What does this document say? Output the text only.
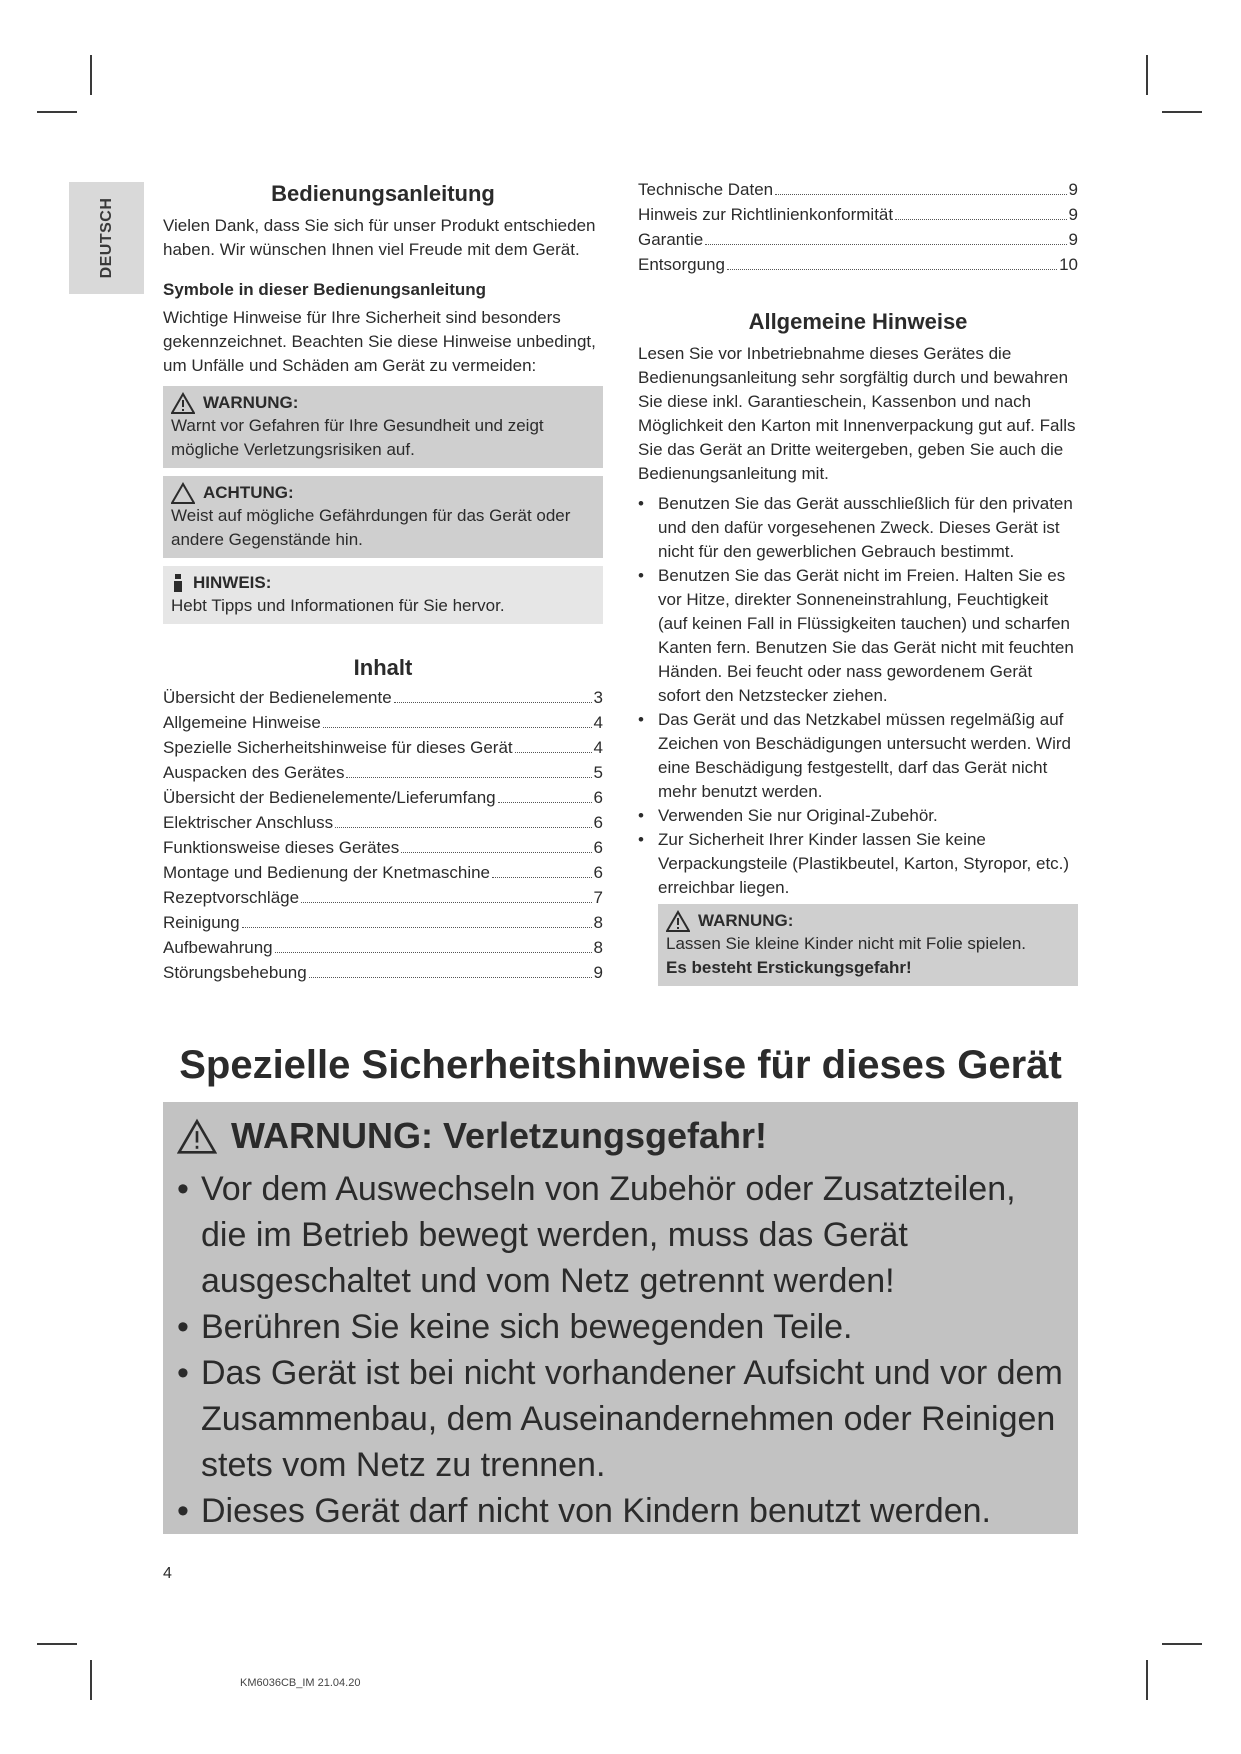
DEUTSCH
Bedienungsanleitung

Vielen Dank, dass Sie sich für unser Produkt entschieden haben. Wir wünschen Ihnen viel Freude mit dem Gerät.

Symbole in dieser Bedienungsanleitung

Wichtige Hinweise für Ihre Sicherheit sind besonders gekennzeichnet. Beachten Sie diese Hinweise unbedingt, um Unfälle und Schäden am Gerät zu vermeiden:

WARNUNG:
Warnt vor Gefahren für Ihre Gesundheit und zeigt mögliche Verletzungsrisiken auf.
ACHTUNG:
Weist auf mögliche Gefährdungen für das Gerät oder andere Gegenstände hin.
HINWEIS:
Hebt Tipps und Informationen für Sie hervor.
Inhalt
Übersicht der Bedienelemente	3
Allgemeine Hinweise	4
Spezielle Sicherheitshinweise für dieses Gerät	4
Auspacken des Gerätes	5
Übersicht der Bedienelemente/Lieferumfang	6
Elektrischer Anschluss	6
Funktionsweise dieses Gerätes	6
Montage und Bedienung der Knetmaschine	6
Rezeptvorschläge	7
Reinigung	8
Aufbewahrung	8
Störungsbehebung	9
Technische Daten	9
Hinweis zur Richtlinienkonformität	9
Garantie	9
Entsorgung	10
Allgemeine Hinweise

Lesen Sie vor Inbetriebnahme dieses Gerätes die Bedienungsanleitung sehr sorgfältig durch und bewahren Sie diese inkl. Garantieschein, Kassenbon und nach Möglichkeit den Karton mit Innenverpackung gut auf. Falls Sie das Gerät an Dritte weitergeben, geben Sie auch die Bedienungsanleitung mit.

• Benutzen Sie das Gerät ausschließlich für den privaten und den dafür vorgesehenen Zweck. Dieses Gerät ist nicht für den gewerblichen Gebrauch bestimmt.
• Benutzen Sie das Gerät nicht im Freien. Halten Sie es vor Hitze, direkter Sonneneinstrahlung, Feuchtigkeit (auf keinen Fall in Flüssigkeiten tauchen) und scharfen Kanten fern. Benutzen Sie das Gerät nicht mit feuchten Händen. Bei feucht oder nass gewordenem Gerät sofort den Netzstecker ziehen.
• Das Gerät und das Netzkabel müssen regelmäßig auf Zeichen von Beschädigungen untersucht werden. Wird eine Beschädigung festgestellt, darf das Gerät nicht mehr benutzt werden.
• Verwenden Sie nur Original-Zubehör.
• Zur Sicherheit Ihrer Kinder lassen Sie keine Verpackungsteile (Plastikbeutel, Karton, Styropor, etc.) erreichbar liegen.
WARNUNG:
Lassen Sie kleine Kinder nicht mit Folie spielen.
Es besteht Erstickungsgefahr!
Spezielle Sicherheitshinweise für dieses Gerät
WARNUNG: Verletzungsgefahr!
• Vor dem Auswechseln von Zubehör oder Zusatzteilen, die im Betrieb bewegt werden, muss das Gerät ausgeschaltet und vom Netz getrennt werden!
• Berühren Sie keine sich bewegenden Teile.
• Das Gerät ist bei nicht vorhandener Aufsicht und vor dem Zusammenbau, dem Auseinandernehmen oder Reinigen stets vom Netz zu trennen.
• Dieses Gerät darf nicht von Kindern benutzt werden.
4
KM6036CB_IM 21.04.20
